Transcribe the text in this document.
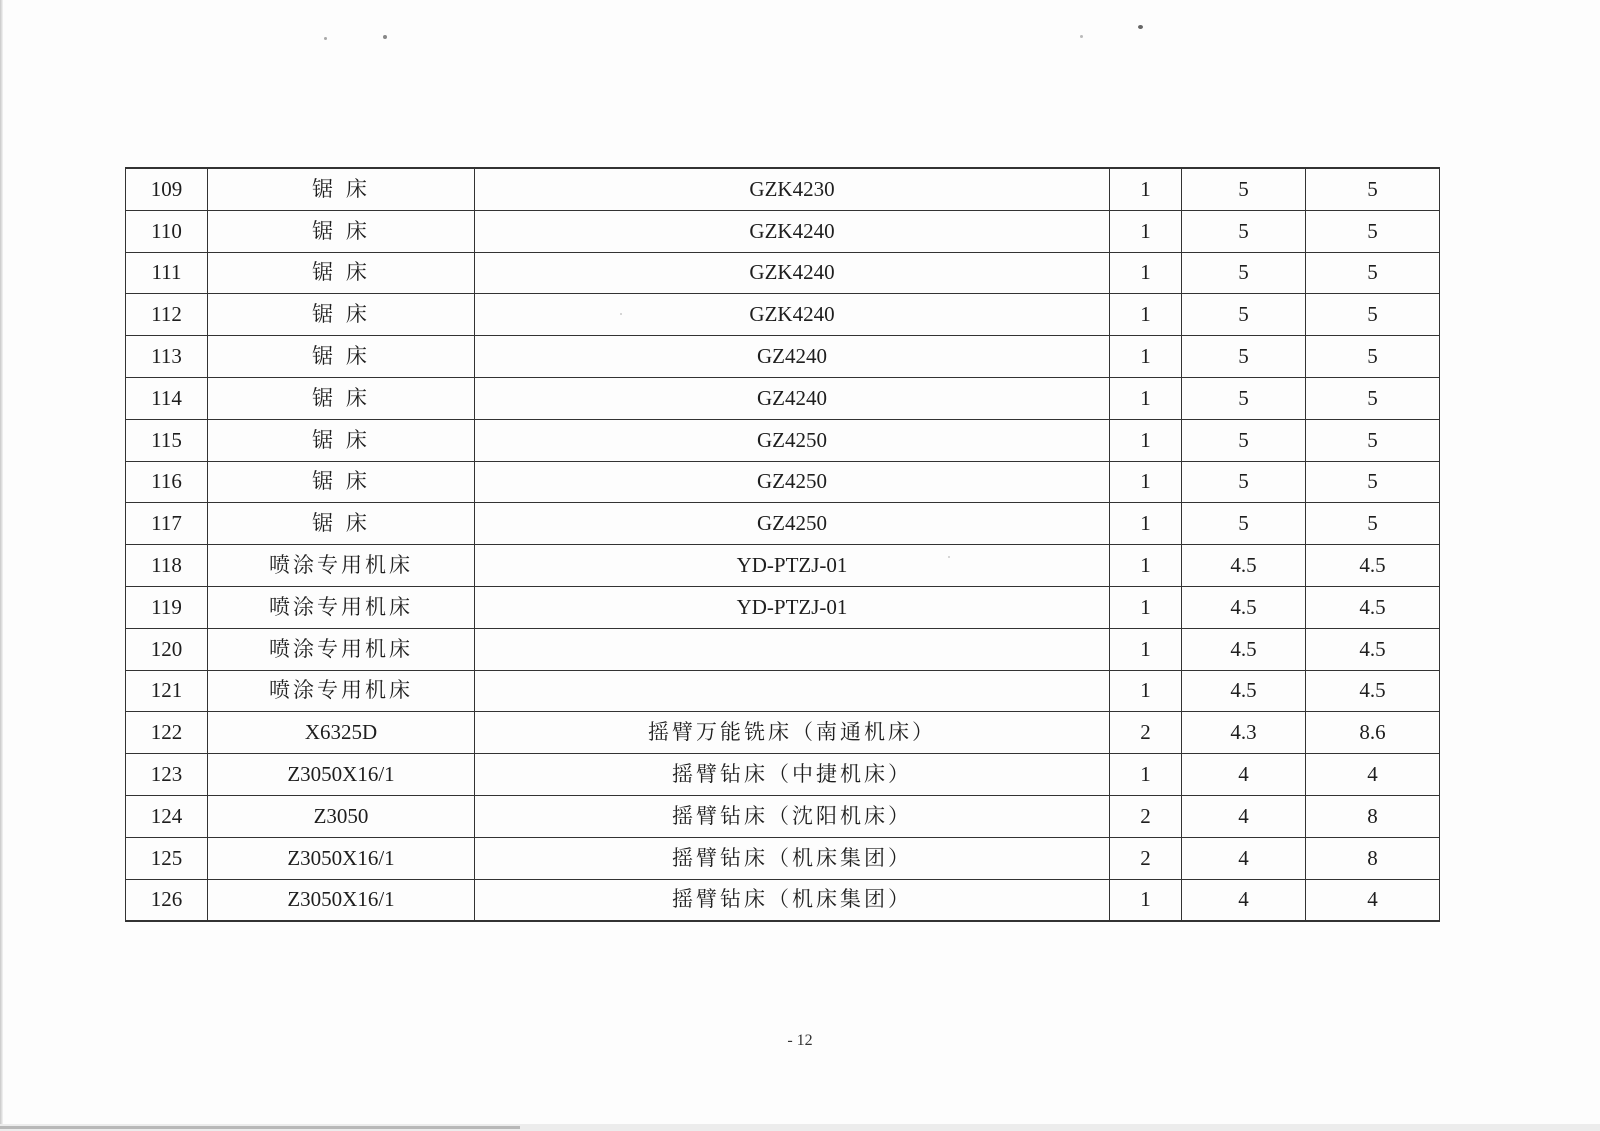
109	锯 床	GZK4230	1	5	5
110	锯 床	GZK4240	1	5	5
111	锯 床	GZK4240	1	5	5
112	锯 床	GZK4240	1	5	5
113	锯 床	GZ4240	1	5	5
114	锯 床	GZ4240	1	5	5
115	锯 床	GZ4250	1	5	5
116	锯 床	GZ4250	1	5	5
117	锯 床	GZ4250	1	5	5
118	喷涂专用机床	YD-PTZJ-01	1	4.5	4.5
119	喷涂专用机床	YD-PTZJ-01	1	4.5	4.5
120	喷涂专用机床		1	4.5	4.5
121	喷涂专用机床		1	4.5	4.5
122	X6325D	摇臂万能铣床（南通机床）	2	4.3	8.6
123	Z3050X16/1	摇臂钻床（中捷机床）	1	4	4
124	Z3050	摇臂钻床（沈阳机床）	2	4	8
125	Z3050X16/1	摇臂钻床（机床集团）	2	4	8
126	Z3050X16/1	摇臂钻床（机床集团）	1	4	4
- 12
